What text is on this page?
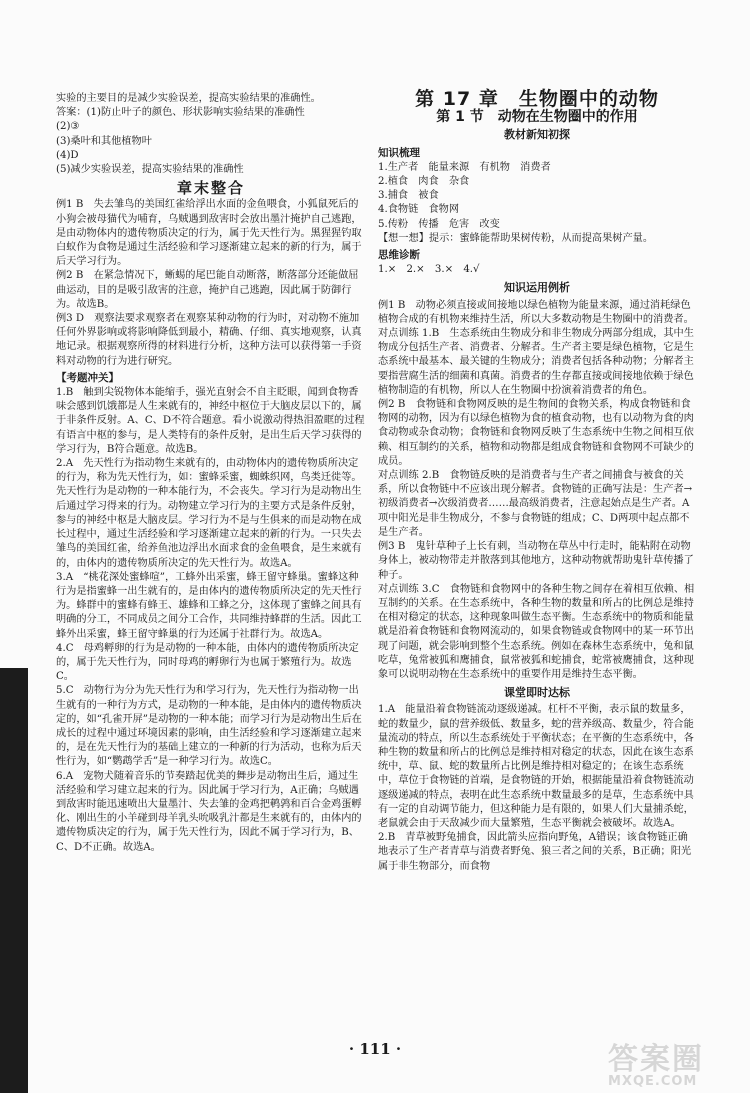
实验的主要目的是减少实验误差，提高实验结果的准确性。

答案：(1)防止叶子的颜色、形状影响实验结果的准确性

(2)③

(3)桑叶和其他植物叶

(4)D

(5)减少实验误差，提高实验结果的准确性

章末整合

例1 B　失去雏鸟的美国红雀给浮出水面的金鱼喂食，小狐鼠死后的小狗会被母猫代为哺育，乌贼遇到敌害时会放出墨汁掩护自己逃跑，是由动物体内的遗传物质决定的行为，属于先天性行为。黑猩猩钓取白蚁作为食物是通过生活经验和学习逐渐建立起来的新的行为，属于后天学习行为。

例2 B　在紧急情况下，蜥蜴的尾巴能自动断落，断落部分还能做屈曲运动，目的是吸引敌害的注意，掩护自己逃跑，因此属于防御行为。故选B。

例3 D　观察法要求观察者在观察某种动物的行为时，对动物不施加任何外界影响或将影响降低到最小，精确、仔细、真实地观察，认真地记录。根据观察所得的材料进行分析，这种方法可以获得第一手资料对动物的行为进行研究。

【考题冲关】

1.B　触到尖锐物体本能缩手，强光直射会不自主眨眼，闻到食物香味会感到饥饿都是人生来就有的，神经中枢位于大脑皮层以下的，属于非条件反射。A、C、D不符合题意。看小说激动得热泪盈眶的过程有语言中枢的参与，是人类特有的条件反射，是出生后天学习获得的学习行为，B符合题意。故选B。

2.A　先天性行为指动物生来就有的，由动物体内的遗传物质所决定的行为，称为先天性行为，如：蜜蜂采蜜，蜘蛛织网，鸟类迁徙等。先天性行为是动物的一种本能行为，不会丧失。学习行为是动物出生后通过学习得来的行为。动物建立学习行为的主要方式是条件反射，参与的神经中枢是大脑皮层。学习行为不是与生俱来的而是动物在成长过程中，通过生活经验和学习逐渐建立起来的新的行为。一只失去雏鸟的美国红雀，给养鱼池边浮出水面求食的金鱼喂食，是生来就有的，由体内的遗传物质所决定的先天性行为。故选A。

3.A　“桃花深处蜜蜂喧”，工蜂外出采蜜，蜂王留守蜂巢。蜜蜂这种行为是指蜜蜂一出生就有的，是由体内的遗传物质所决定的先天性行为。蜂群中的蜜蜂有蜂王、雄蜂和工蜂之分，这体现了蜜蜂之间具有明确的分工，不同成员之间分工合作，共同维持蜂群的生活。因此工蜂外出采蜜，蜂王留守蜂巢的行为还属于社群行为。故选A。

4.C　母鸡孵卵的行为是动物的一种本能，由体内的遗传物质所决定的，属于先天性行为，同时母鸡的孵卵行为也属于繁殖行为。故选C。

5.C　动物行为分为先天性行为和学习行为，先天性行为指动物一出生就有的一种行为方式，是动物的一种本能，是由体内的遗传物质决定的，如“孔雀开屏”是动物的一种本能；而学习行为是动物出生后在成长的过程中通过环境因素的影响，由生活经验和学习逐渐建立起来的，是在先天性行为的基础上建立的一种新的行为活动，也称为后天性行为，如“鹦鹉学舌”是一种学习行为。故选C。

6.A　宠物犬随着音乐的节奏踏起优美的舞步是动物出生后，通过生活经验和学习建立起来的行为。因此属于学习行为，A正确；乌贼遇到敌害时能迅速喷出大量墨汁、失去雏的金鸡把鹌鹑和百合金鸡蛋孵化、刚出生的小羊碰到母羊乳头吮吸乳汁都是生来就有的，由体内的遗传物质决定的行为，属于先天性行为，因此不属于学习行为，B、C、D不正确。故选A。

第 17 章　生物圈中的动物
第 1 节　动物在生物圈中的作用
教材新知初探
知识梳理

1.生产者　能量来源　有机物　消费者

2.植食　肉食　杂食

3.捕食　被食

4.食物链　食物网

5.传粉　传播　危害　改变

【想一想】提示：蜜蜂能帮助果树传粉，从而提高果树产量。

思维诊断

1.×　2.×　3.×　4.√

知识运用例析

例1 B　动物必须直接或间接地以绿色植物为能量来源，通过消耗绿色植物合成的有机物来维持生活，所以大多数动物是生物圈中的消费者。

对点训练 1.B　生态系统由生物成分和非生物成分两部分组成，其中生物成分包括生产者、消费者、分解者。生产者主要是绿色植物，它是生态系统中最基本、最关键的生物成分；消费者包括各种动物；分解者主要指营腐生活的细菌和真菌。消费者的生存都直接或间接地依赖于绿色植物制造的有机物，所以人在生物圈中扮演着消费者的角色。

例2 B　食物链和食物网反映的是生物间的食物关系，构成食物链和食物网的动物，因为有以绿色植物为食的植食动物，也有以动物为食的肉食动物或杂食动物；食物链和食物网反映了生态系统中生物之间相互依赖、相互制约的关系，植物和动物都是组成食物链和食物网不可缺少的成员。

对点训练 2.B　食物链反映的是消费者与生产者之间捕食与被食的关系，所以食物链中不应该出现分解者。食物链的正确写法是：生产者→初级消费者→次级消费者……最高级消费者，注意起始点是生产者。A项中阳光是非生物成分，不参与食物链的组成；C、D两项中起点都不是生产者。

例3 B　鬼针草种子上长有刺，当动物在草丛中行走时，能粘附在动物身体上，被动物带走并散落到其他地方，这种动物就帮助鬼针草传播了种子。

对点训练 3.C　食物链和食物网中的各种生物之间存在着相互依赖、相互制约的关系。在生态系统中，各种生物的数量和所占的比例总是维持在相对稳定的状态，这种现象叫做生态平衡。生态系统中的物质和能量就是沿着食物链和食物网流动的，如果食物链或食物网中的某一环节出现了问题，就会影响到整个生态系统。例如在森林生态系统中，兔和鼠吃草，兔常被狐和鹰捕食，鼠常被狐和蛇捕食，蛇常被鹰捕食，这种现象可以说明动物在生态系统中的重要作用是维持生态平衡。

课堂即时达标

1.A　能量沿着食物链流动逐级递减。杠杆不平衡，表示鼠的数量多，蛇的数量少，鼠的营养级低、数量多，蛇的营养级高、数量少，符合能量流动的特点，所以生态系统处于平衡状态；在平衡的生态系统中，各种生物的数量和所占的比例总是维持相对稳定的状态，因此在该生态系统中，草、鼠、蛇的数量所占比例是维持相对稳定的；在该生态系统中，草位于食物链的首端，是食物链的开始，根据能量沿着食物链流动逐级递减的特点，表明在此生态系统中数量最多的是草，生态系统中具有一定的自动调节能力，但这种能力是有限的，如果人们大量捕杀蛇，老鼠就会由于天敌减少而大量繁殖，生态平衡就会被破坏。故选A。

2.B　青草被野兔捕食，因此箭头应指向野兔，A错误；该食物链正确地表示了生产者青草与消费者野兔、狼三者之间的关系，B正确；阳光属于非生物部分，而食物

· 111 ·	答案圈
MXQE.COM
